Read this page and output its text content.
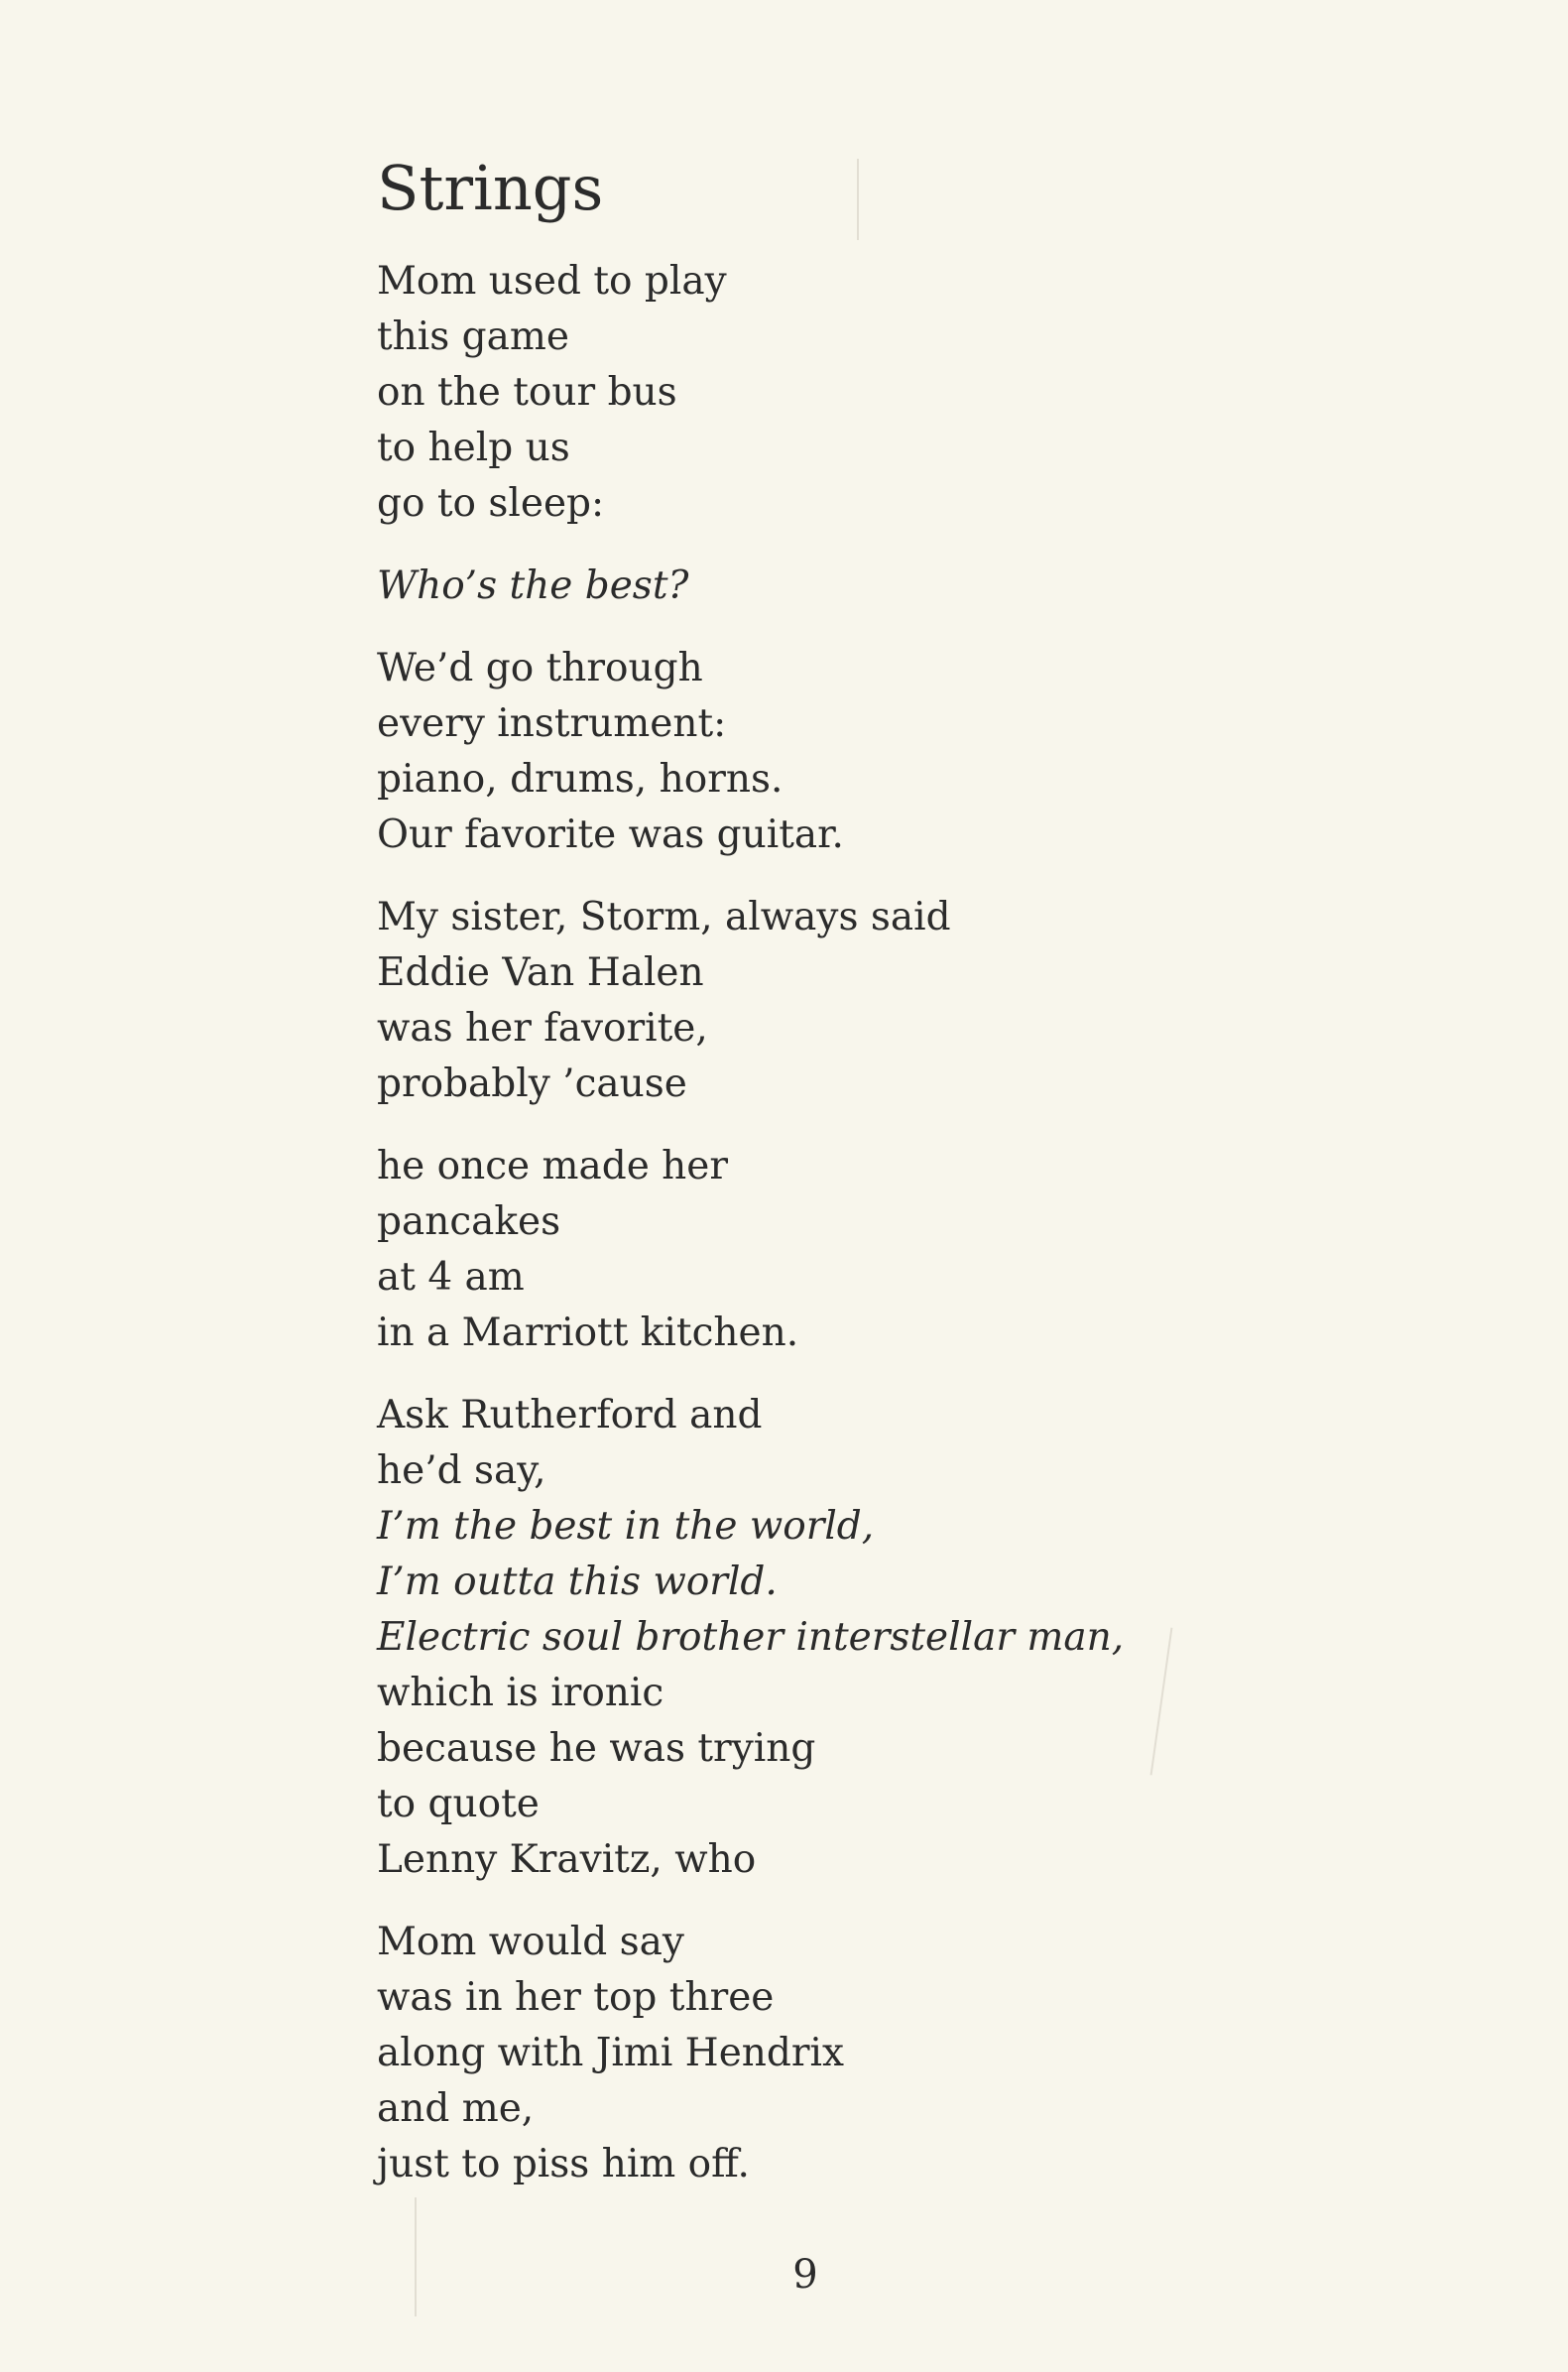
Strings
Mom used to play
this game
on the tour bus
to help us
go to sleep:
Who’s the best?
We’d go through
every instrument:
piano, drums, horns.
Our favorite was guitar.
My sister, Storm, always said
Eddie Van Halen
was her favorite,
probably ’cause
he once made her
pancakes
at 4 am
in a Marriott kitchen.
Ask Rutherford and
he’d say,
I’m the best in the world,
I’m outta this world.
Electric soul brother interstellar man,
which is ironic
because he was trying
to quote
Lenny Kravitz, who
Mom would say
was in her top three
along with Jimi Hendrix
and me,
just to piss him off.
9
